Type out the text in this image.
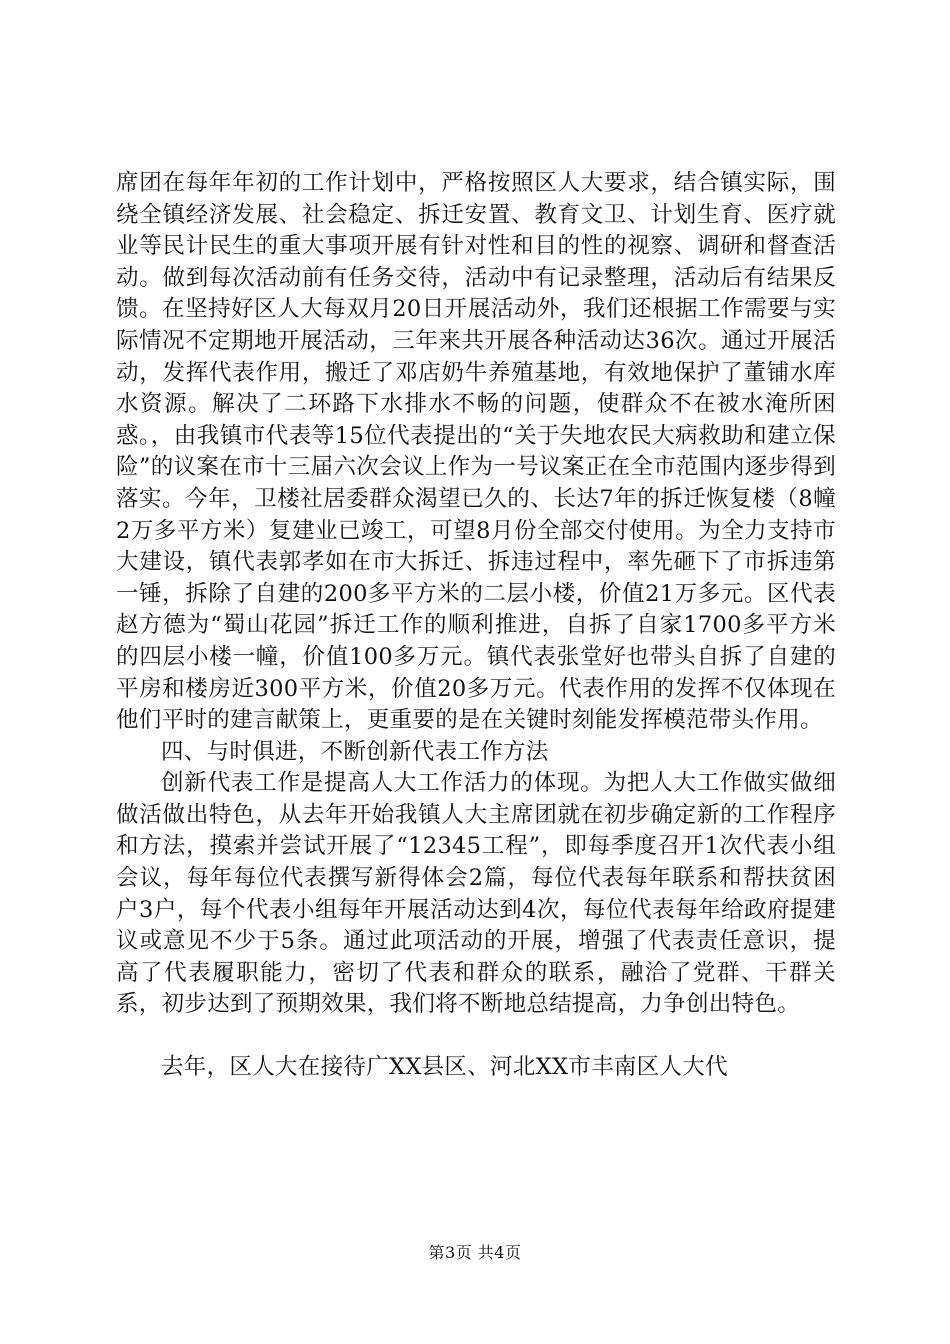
席团在每年年初的工作计划中，严格按照区人大要求，结合镇实际，围绕全镇经济发展、社会稳定、拆迁安置、教育文卫、计划生育、医疗就业等民计民生的重大事项开展有针对性和目的性的视察、调研和督查活动。做到每次活动前有任务交待，活动中有记录整理，活动后有结果反馈。在坚持好区人大每双月20日开展活动外，我们还根据工作需要与实际情况不定期地开展活动，三年来共开展各种活动达36次。通过开展活动，发挥代表作用，搬迁了邓店奶牛养殖基地，有效地保护了董铺水库水资源。解决了二环路下水排水不畅的问题，使群众不在被水淹所困惑。，由我镇市代表等15位代表提出的“关于失地农民大病救助和建立保险”的议案在市十三届六次会议上作为一号议案正在全市范围内逐步得到落实。今年，卫楼社居委群众渴望已久的、长达7年的拆迁恢复楼（8幢2万多平方米）复建业已竣工，可望8月份全部交付使用。为全力支持市大建设，镇代表郭孝如在市大拆迁、拆违过程中，率先砸下了市拆违第一锤，拆除了自建的200多平方米的二层小楼，价值21万多元。区代表赵方德为“蜀山花园”拆迁工作的顺利推进，自拆了自家1700多平方米的四层小楼一幢，价值100多万元。镇代表张堂好也带头自拆了自建的平房和楼房近300平方米，价值20多万元。代表作用的发挥不仅体现在他们平时的建言献策上，更重要的是在关键时刻能发挥模范带头作用。

四、与时俱进，不断创新代表工作方法

创新代表工作是提高人大工作活力的体现。为把人大工作做实做细做活做出特色，从去年开始我镇人大主席团就在初步确定新的工作程序和方法，摸索并尝试开展了“12345工程”，即每季度召开1次代表小组会议，每年每位代表撰写新得体会2篇，每位代表每年联系和帮扶贫困户3户，每个代表小组每年开展活动达到4次，每位代表每年给政府提建议或意见不少于5条。通过此项活动的开展，增强了代表责任意识，提高了代表履职能力，密切了代表和群众的联系，融洽了党群、干群关系，初步达到了预期效果，我们将不断地总结提高，力争创出特色。

去年，区人大在接待广XX县区、河北XX市丰南区人大代

第3页 共4页
